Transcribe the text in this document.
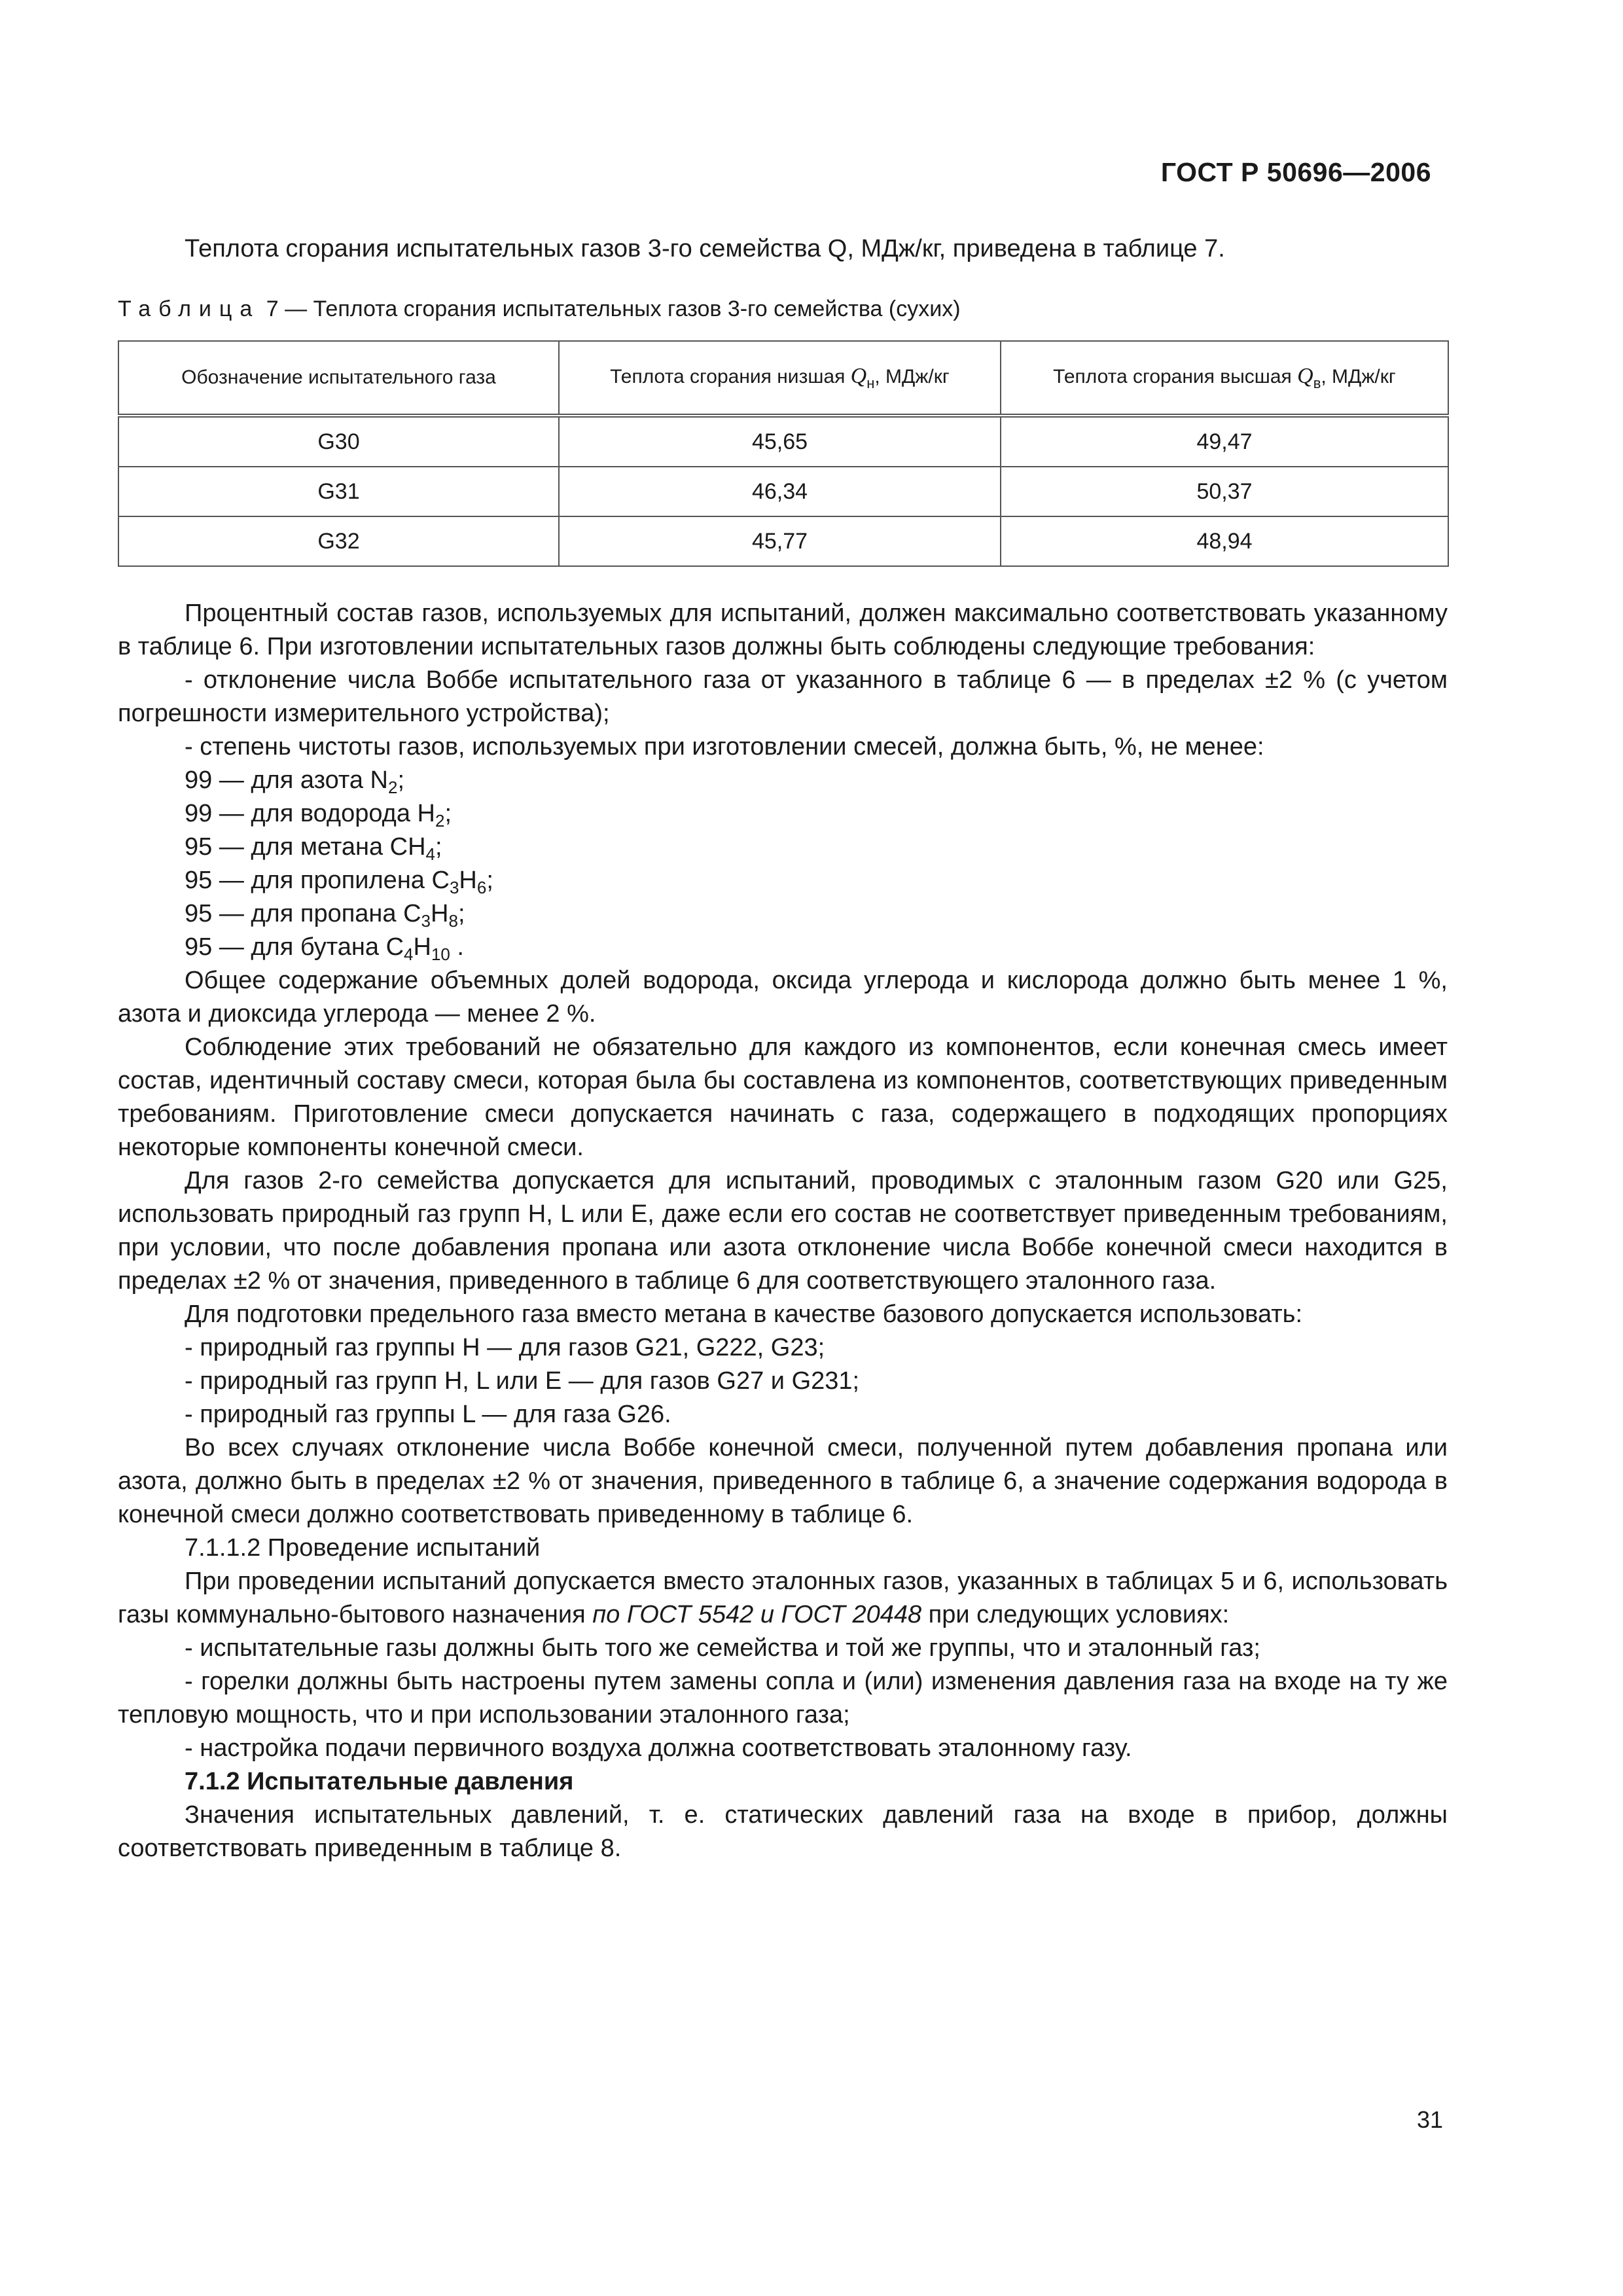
ГОСТ Р 50696—2006
Теплота сгорания испытательных газов 3-го семейства Q, МДж/кг, приведена в таблице 7.
Таблица 7 — Теплота сгорания испытательных газов 3-го семейства (сухих)
Обозначение испытательного газа	Теплота сгорания низшая $Q_н$, МДж/кг	Теплота сгорания высшая $Q_в$, МДж/кг
G30	45,65	49,47
G31	46,34	50,37
G32	45,77	48,94

Процентный состав газов, используемых для испытаний, должен максимально соответствовать указанному в таблице 6. При изготовлении испытательных газов должны быть соблюдены следующие требования:

- отклонение числа Воббе испытательного газа от указанного в таблице 6 — в пределах ±2 % (с учетом погрешности измерительного устройства);

- степень чистоты газов, используемых при изготовлении смесей, должна быть, %, не менее:

99 — для азота $N_2$;

99 — для водорода $H_2$;

95 — для метана $CH_4$;

95 — для пропилена $C_3H_6$;

95 — для пропана $C_3H_8$;

95 — для бутана $C_4H_{10}$ .

Общее содержание объемных долей водорода, оксида углерода и кислорода должно быть менее 1 %, азота и диоксида углерода — менее 2 %.

Соблюдение этих требований не обязательно для каждого из компонентов, если конечная смесь имеет состав, идентичный составу смеси, которая была бы составлена из компонентов, соответствующих приведенным требованиям. Приготовление смеси допускается начинать с газа, содержащего в подходящих пропорциях некоторые компоненты конечной смеси.

Для газов 2-го семейства допускается для испытаний, проводимых с эталонным газом G20 или G25, использовать природный газ групп H, L или E, даже если его состав не соответствует приведенным требованиям, при условии, что после добавления пропана или азота отклонение числа Воббе конечной смеси находится в пределах ±2 % от значения, приведенного в таблице 6 для соответствующего эталонного газа.

Для подготовки предельного газа вместо метана в качестве базового допускается использовать:

- природный газ группы H — для газов G21, G222, G23;

- природный газ групп H, L или E — для газов G27 и G231;

- природный газ группы L — для газа G26.

Во всех случаях отклонение числа Воббе конечной смеси, полученной путем добавления пропана или азота, должно быть в пределах ±2 % от значения, приведенного в таблице 6, а значение содержания водорода в конечной смеси должно соответствовать приведенному в таблице 6.

7.1.1.2 Проведение испытаний

При проведении испытаний допускается вместо эталонных газов, указанных в таблицах 5 и 6, использовать газы коммунально-бытового назначения по ГОСТ 5542 и ГОСТ 20448 при следующих условиях:

- испытательные газы должны быть того же семейства и той же группы, что и эталонный газ;

- горелки должны быть настроены путем замены сопла и (или) изменения давления газа на входе на ту же тепловую мощность, что и при использовании эталонного газа;

- настройка подачи первичного воздуха должна соответствовать эталонному газу.

7.1.2 Испытательные давления

Значения испытательных давлений, т. е. статических давлений газа на входе в прибор, должны соответствовать приведенным в таблице 8.

31
